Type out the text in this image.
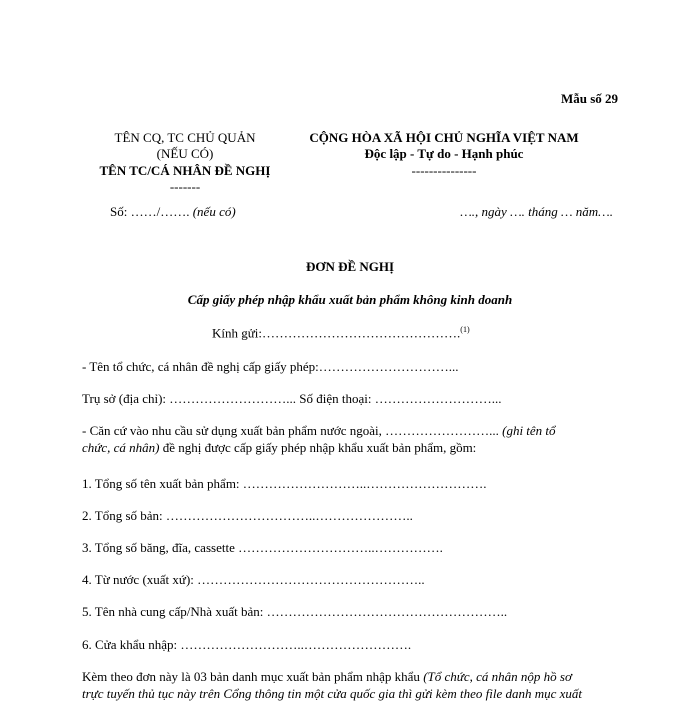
Mẫu số 29
TÊN CQ, TC CHỦ QUẢN
(NẾU CÓ)
TÊN TC/CÁ NHÂN ĐỀ NGHỊ
-------
Số: ……/……. (nếu có)
CỘNG HÒA XÃ HỘI CHỦ NGHĨA VIỆT NAM
Độc lập - Tự do - Hạnh phúc
---------------
…., ngày …. tháng … năm….
ĐƠN ĐỀ NGHỊ
Cấp giấy phép nhập khẩu xuất bản phẩm không kinh doanh
Kính gửi:……………………………………….$^{(1)}$
- Tên tổ chức, cá nhân đề nghị cấp giấy phép:…………………………...
Trụ sở (địa chỉ): ………………………... Số điện thoại: ………………………...
- Căn cứ vào nhu cầu sử dụng xuất bản phẩm nước ngoài, ……………………... (ghi tên tổ
chức, cá nhân) đề nghị được cấp giấy phép nhập khẩu xuất bản phẩm, gồm:
1. Tổng số tên xuất bản phẩm: ………………………..……………………….
2. Tổng số bản: ……………………………..…………………..
3. Tổng số băng, đĩa, cassette …………………………..…………….
4. Từ nước (xuất xứ): ……………………………………………..
5. Tên nhà cung cấp/Nhà xuất bản: ………………………………………………..
6. Cửa khẩu nhập: ………………………..…………………….
Kèm theo đơn này là 03 bản danh mục xuất bản phẩm nhập khẩu (Tổ chức, cá nhân nộp hồ sơ
trực tuyến thủ tục này trên Cổng thông tin một cửa quốc gia thì gửi kèm theo file danh mục xuất
